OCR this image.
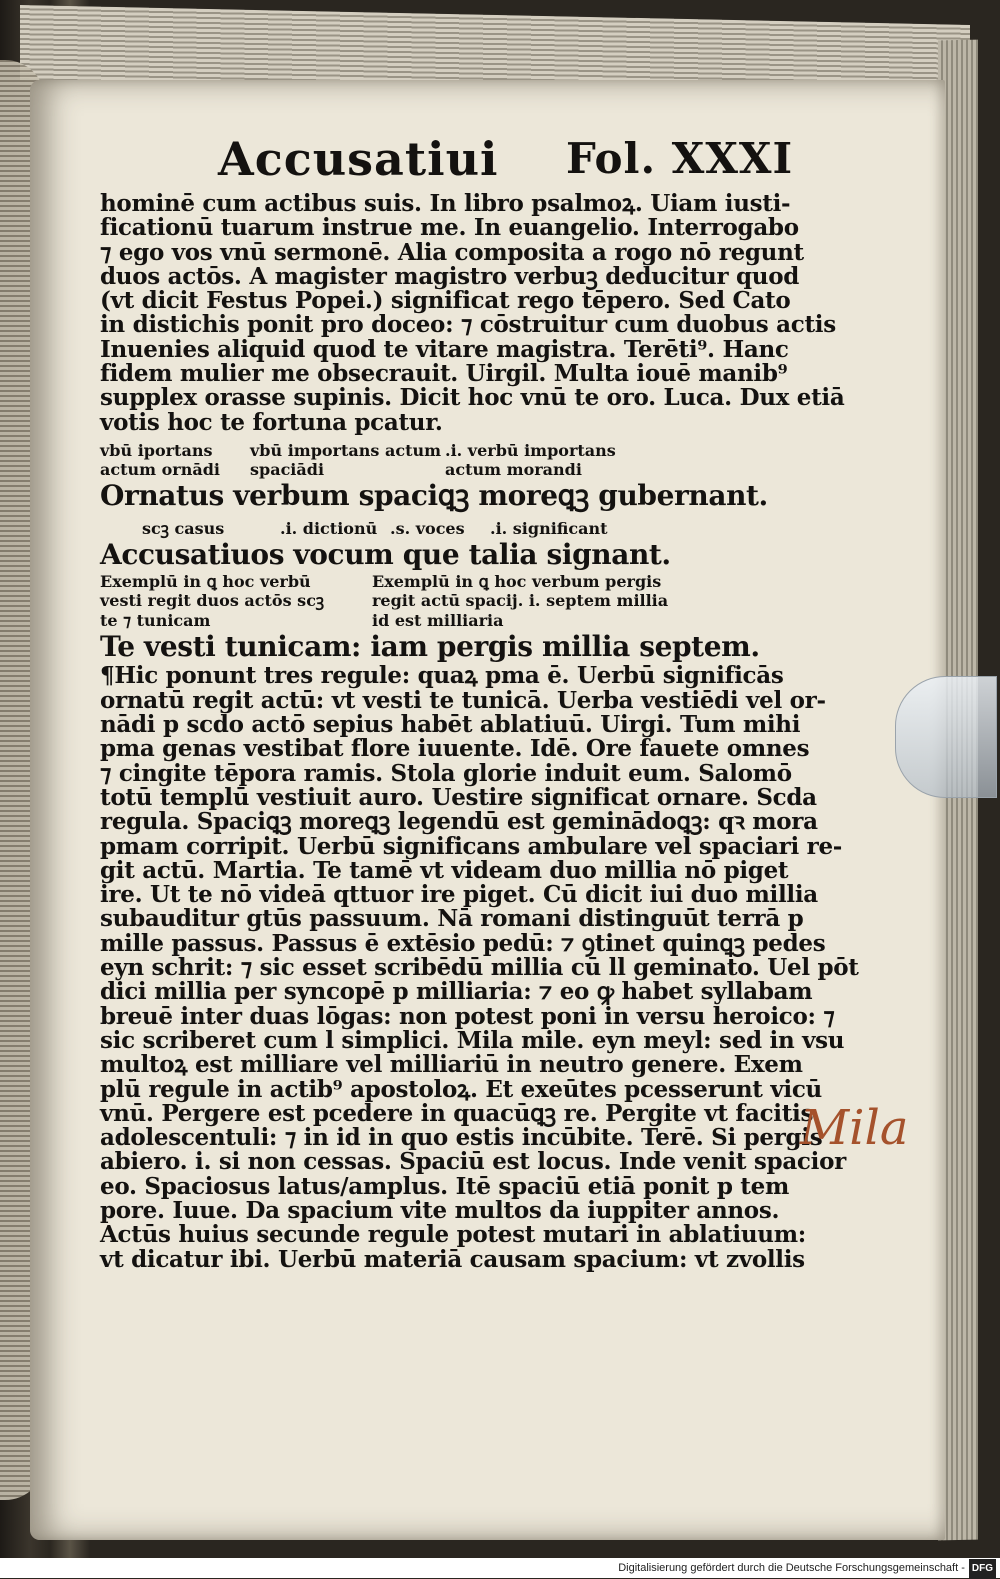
Accusatiui Fol. XXXI
hominē cum actibus suis. In libro psalmoꝝ. Uiam iusti-
ficationū tuarum instrue me. In euangelio. Interrogabo
⁊ ego vos vnū sermonē. Alia composita a rogo nō regunt
duos actōs. A magister magistro verbuꝫ deducitur quod
(vt dicit Festus Popei.) significat rego tēpero. Sed Cato
in distichis ponit pro doceo: ⁊ cōstruitur cum duobus actis
Inuenies aliquid quod te vitare magistra. Terēti⁹. Hanc
fidem mulier me obsecrauit. Uirgil. Multa iouē manib⁹
supplex orasse supinis. Dicit hoc vnū te oro. Luca. Dux etiā
votis hoc te fortuna pcatur.
vbū iportans actum ornādi
vbū importans actum spaciādi
.i. verbū importans actum morandi
Ornatus verbum spaciꝗꝫ moreꝗꝫ gubernant.
scꝫ casus	.i. dictionū .s. voces	.i. significant
Accusatiuos vocum que talia signant.
Exemplū in ꝗ hoc verbū
vesti regit duos actōs scꝫ
te ⁊ tunicam
Exemplū in ꝗ hoc verbum pergis
regit actū spacij. i. septem millia
id est milliaria
Te vesti tunicam: iam pergis millia septem.
¶Hic ponunt tres regule: quaꝝ pma ē. Uerbū significās
ornatū regit actū: vt vesti te tunicā. Uerba vestiēdi vel or-
nādi p scdo actō sepius habēt ablatiuū. Uirgi. Tum mihi
pma genas vestibat flore iuuente. Idē. Ore fauete omnes
⁊ cingite tēpora ramis. Stola glorie induit eum. Salomō
totū templū vestiuit auro. Uestire significat ornare. Scda
regula. Spaciꝗꝫ moreꝗꝫ legendū est geminādoꝗꝫ: qꝛ mora
pmam corripit. Uerbū significans ambulare vel spaciari re-
git actū. Martia. Te tamē vt videam duo millia nō piget
ire. Ut te nō videā qttuor ire piget. Cū dicit iui duo millia
subauditur gtūs passuum. Nā romani distinguūt terrā p
mille passus. Passus ē extēsio pedū: ⁊ ꝯtinet quinꝗꝫ pedes
eyn schrit: ⁊ sic esset scribēdū millia cū ll geminato. Uel pōt
dici millia per syncopē p milliaria: ⁊ eo ꝙ habet syllabam
breuē inter duas lōgas: non potest poni in versu heroico: ⁊
sic scriberet cum l simplici. Mila mile. eyn meyl: sed in vsu
multoꝝ est milliare vel milliariū in neutro genere. Exem
plū regule in actib⁹ apostoloꝝ. Et exeūtes pcesserunt vicū
vnū. Pergere est pcedere in quacūꝗꝫ re. Pergite vt facitis
adolescentuli: ⁊ in id in quo estis incūbite. Terē. Si pergis
abiero. i. si non cessas. Spaciū est locus. Inde venit spacior
eo. Spaciosus latus/amplus. Itē spaciū etiā ponit p tem
pore. Iuue. Da spacium vite multos da iuppiter annos.
Actūs huius secunde regule potest mutari in ablatiuum:
vt dicatur ibi. Uerbū materiā causam spacium: vt zvollis
Mila
Digitalisierung gefördert durch die Deutsche Forschungsgemeinschaft - DFG
